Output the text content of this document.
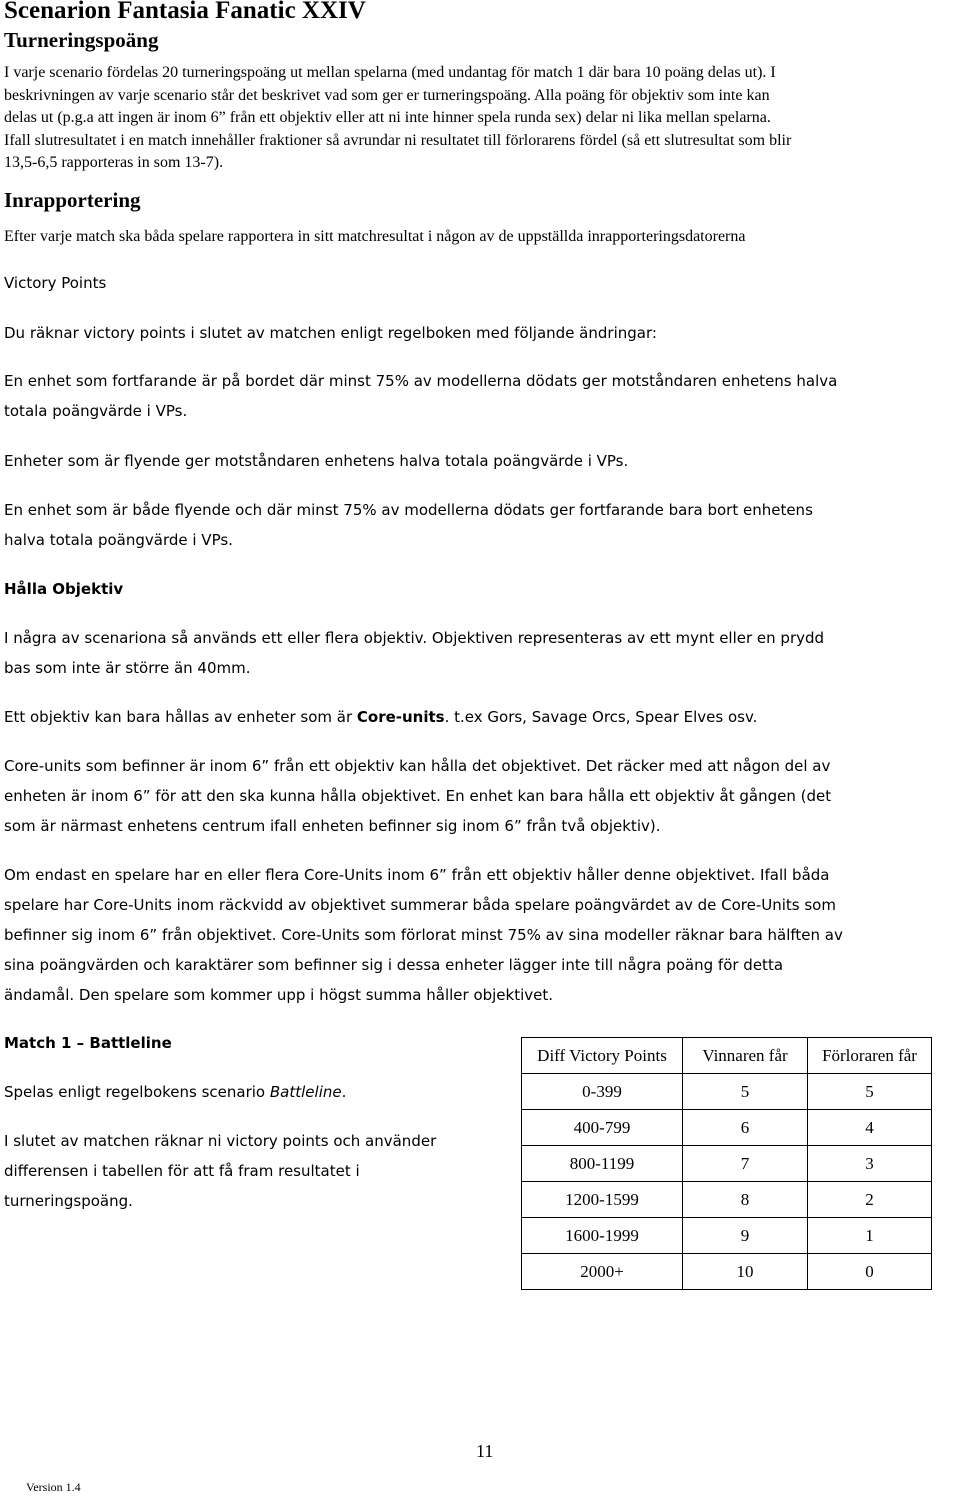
Scenarion Fantasia Fanatic XXIV
Turneringspoäng
I varje scenario fördelas 20 turneringspoäng ut mellan spelarna (med undantag för match 1 där bara 10 poäng delas ut). I
beskrivningen av varje scenario står det beskrivet vad som ger er turneringspoäng. Alla poäng för objektiv som inte kan
delas ut (p.g.a att ingen är inom 6” från ett objektiv eller att ni inte hinner spela runda sex) delar ni lika mellan spelarna.
Ifall slutresultatet i en match innehåller fraktioner så avrundar ni resultatet till förlorarens fördel (så ett slutresultat som blir
13,5-6,5 rapporteras in som 13-7).
Inrapportering
Efter varje match ska båda spelare rapportera in sitt matchresultat i någon av de uppställda inrapporteringsdatorerna
Victory Points
Du räknar victory points i slutet av matchen enligt regelboken med följande ändringar:
En enhet som fortfarande är på bordet där minst 75% av modellerna dödats ger motståndaren enhetens halva
totala poängvärde i VPs.
Enheter som är flyende ger motståndaren enhetens halva totala poängvärde i VPs.
En enhet som är både flyende och där minst 75% av modellerna dödats ger fortfarande bara bort enhetens
halva totala poängvärde i VPs.
Hålla Objektiv
I några av scenariona så används ett eller flera objektiv. Objektiven representeras av ett mynt eller en prydd
bas som inte är större än 40mm.
Ett objektiv kan bara hållas av enheter som är Core-units. t.ex Gors, Savage Orcs, Spear Elves osv.
Core-units som befinner är inom 6” från ett objektiv kan hålla det objektivet. Det räcker med att någon del av
enheten är inom 6” för att den ska kunna hålla objektivet. En enhet kan bara hålla ett objektiv åt gången (det
som är närmast enhetens centrum ifall enheten befinner sig inom 6” från två objektiv).
Om endast en spelare har en eller flera Core-Units inom 6” från ett objektiv håller denne objektivet. Ifall båda
spelare har Core-Units inom räckvidd av objektivet summerar båda spelare poängvärdet av de Core-Units som
befinner sig inom 6” från objektivet. Core-Units som förlorat minst 75% av sina modeller räknar bara hälften av
sina poängvärden och karaktärer som befinner sig i dessa enheter lägger inte till några poäng för detta
ändamål. Den spelare som kommer upp i högst summa håller objektivet.
Match 1 – Battleline
Spelas enligt regelbokens scenario Battleline.
I slutet av matchen räknar ni victory points och använder
differensen i tabellen för att få fram resultatet i
turneringspoäng.
Diff Victory Points	Vinnaren får	Förloraren får
0-399	5	5
400-799	6	4
800-1199	7	3
1200-1599	8	2
1600-1999	9	1
2000+	10	0
11
Version 1.4
